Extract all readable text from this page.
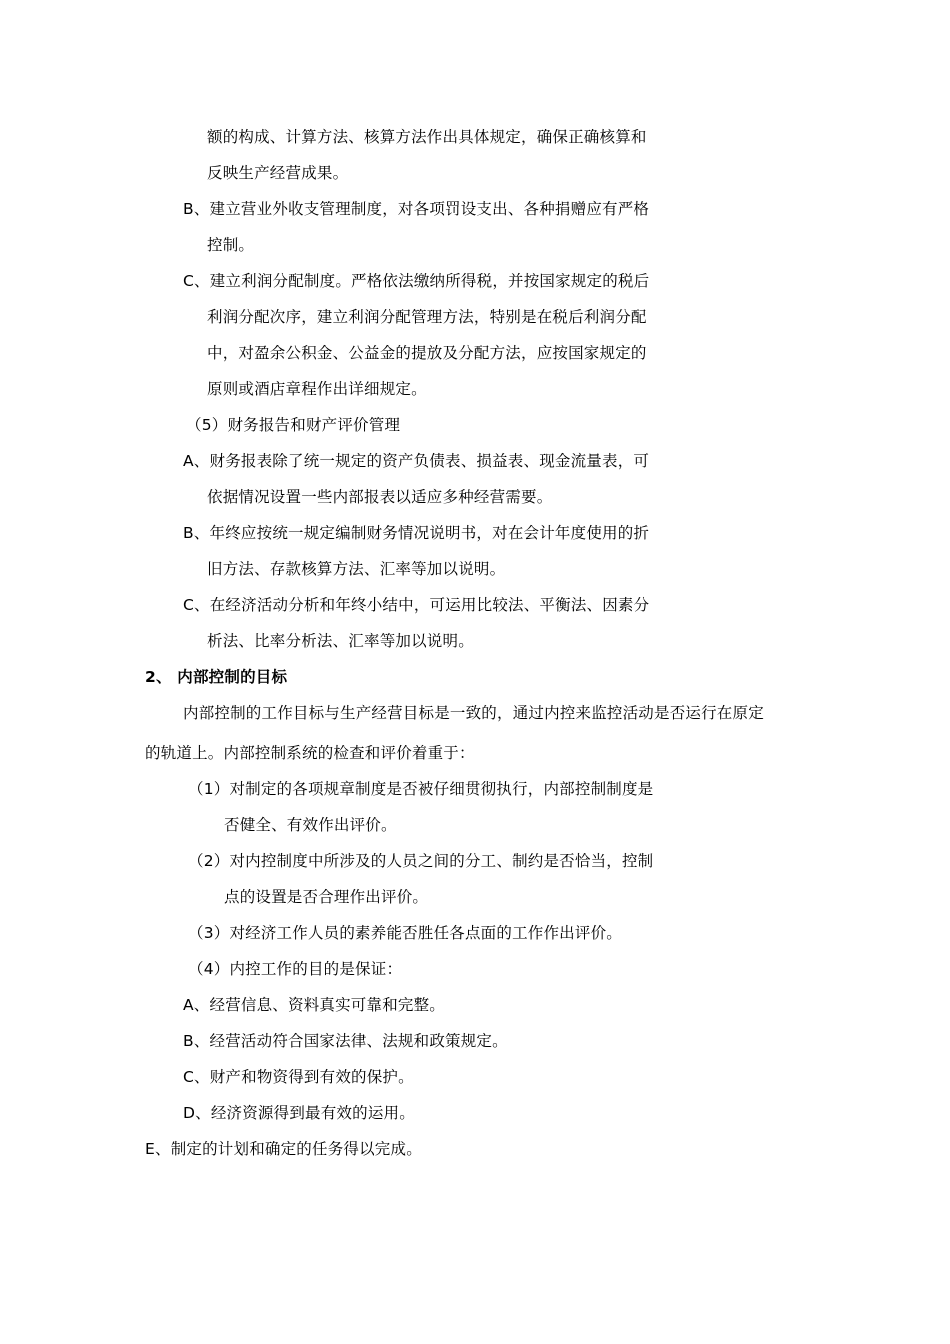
额的构成、计算方法、核算方法作出具体规定，确保正确核算和
反映生产经营成果。
B、建立营业外收支管理制度，对各项罚设支出、各种捐赠应有严格
控制。
C、建立利润分配制度。严格依法缴纳所得税，并按国家规定的税后
利润分配次序，建立利润分配管理方法，特别是在税后利润分配
中，对盈余公积金、公益金的提放及分配方法，应按国家规定的
原则或酒店章程作出详细规定。
（5）财务报告和财产评价管理
A、财务报表除了统一规定的资产负债表、损益表、现金流量表，可
依据情况设置一些内部报表以适应多种经营需要。
B、年终应按统一规定编制财务情况说明书，对在会计年度使用的折
旧方法、存款核算方法、汇率等加以说明。
C、在经济活动分析和年终小结中，可运用比较法、平衡法、因素分
析法、比率分析法、汇率等加以说明。
2、 内部控制的目标
内部控制的工作目标与生产经营目标是一致的，通过内控来监控活动是否运行在原定
的轨道上。内部控制系统的检查和评价着重于：
（1）对制定的各项规章制度是否被仔细贯彻执行，内部控制制度是
否健全、有效作出评价。
（2）对内控制度中所涉及的人员之间的分工、制约是否恰当，控制
点的设置是否合理作出评价。
（3）对经济工作人员的素养能否胜任各点面的工作作出评价。
（4）内控工作的目的是保证：
A、经营信息、资料真实可靠和完整。
B、经营活动符合国家法律、法规和政策规定。
C、财产和物资得到有效的保护。
D、经济资源得到最有效的运用。
E、制定的计划和确定的任务得以完成。
